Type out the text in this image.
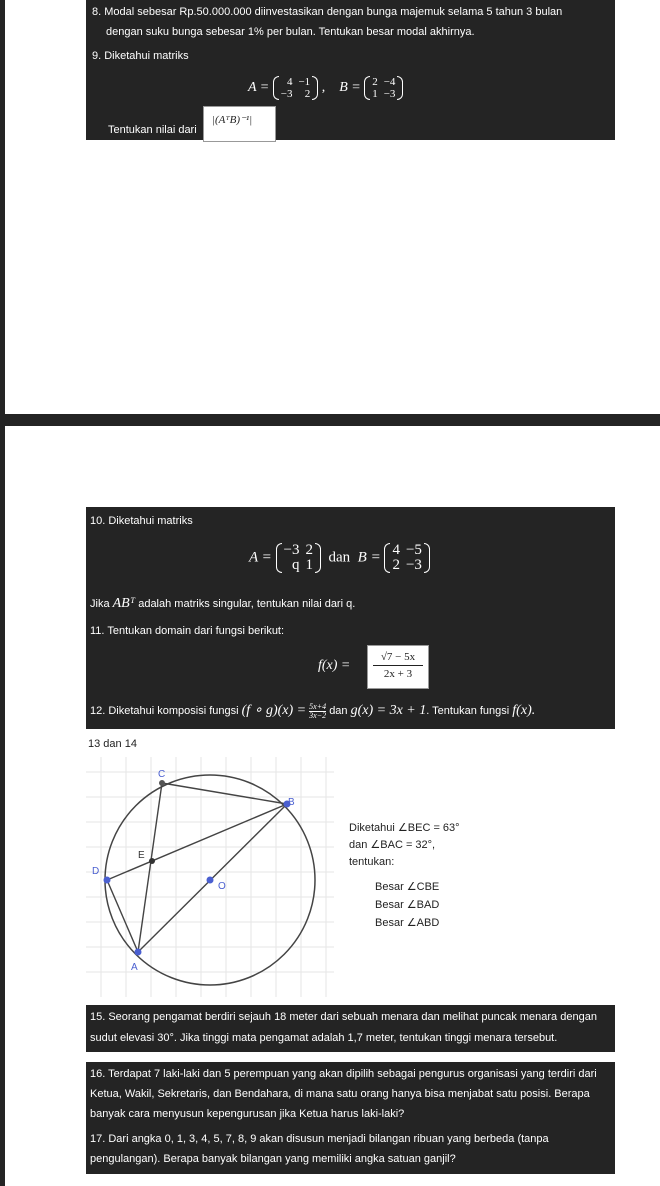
8. Modal sebesar Rp.50.000.000 diinvestasikan dengan bunga majemuk selama 5 tahun 3 bulan
dengan suku bunga sebesar 1% per bulan. Tentukan besar modal akhirnya.
9. Diketahui matriks
A = 4	−1
−3	2 , B = 2	−4
1	−3
Tentukan nilai dari
|(AᵀB)⁻¹|
10. Diketahui matriks
A = −3	2
q	1 dan B = 4	−5
2	−3
Jika ABᵀ adalah matriks singular, tentukan nilai dari q.
11. Tentukan domain dari fungsi berikut:
$f(x) = \frac{√7 - 5x}{2x + 3}$
12. Diketahui komposisi fungsi (f ∘ $g)(x) = \frac{5x+4}{3x-2}$ dan g(x) = 3x + 1. Tentukan fungsi f(x).
13 dan 14
C
B
E
D
O
A
Diketahui ∠BEC = 63°
dan ∠BAC = 32°,
tentukan:
Besar ∠CBE
Besar ∠BAD
Besar ∠ABD
15. Seorang pengamat berdiri sejauh 18 meter dari sebuah menara dan melihat puncak menara dengan
sudut elevasi 30°. Jika tinggi mata pengamat adalah 1,7 meter, tentukan tinggi menara tersebut.
16. Terdapat 7 laki-laki dan 5 perempuan yang akan dipilih sebagai pengurus organisasi yang terdiri dari
Ketua, Wakil, Sekretaris, dan Bendahara, di mana satu orang hanya bisa menjabat satu posisi. Berapa
banyak cara menyusun kepengurusan jika Ketua harus laki-laki?
17. Dari angka 0, 1, 3, 4, 5, 7, 8, 9 akan disusun menjadi bilangan ribuan yang berbeda (tanpa
pengulangan). Berapa banyak bilangan yang memiliki angka satuan ganjil?
